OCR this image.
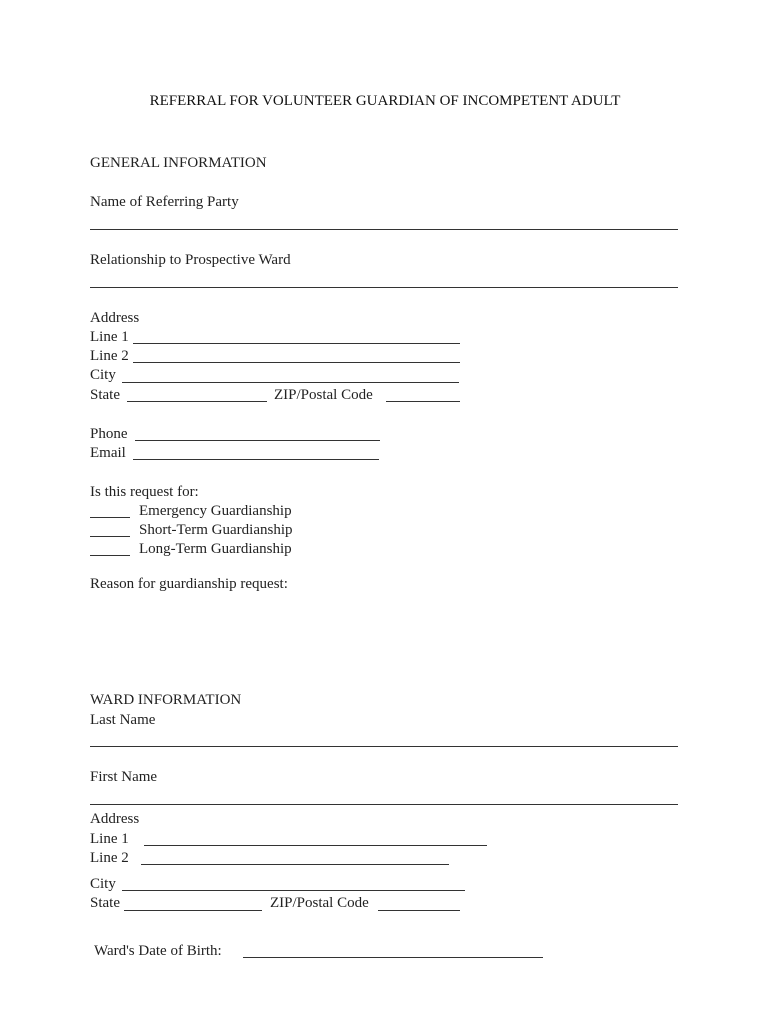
REFERRAL FOR VOLUNTEER GUARDIAN OF INCOMPETENT ADULT
GENERAL INFORMATION
Name of Referring Party
Relationship to Prospective Ward
Address
Line 1
Line 2
City
State	ZIP/Postal Code
Phone
Email
Is this request for:
Emergency Guardianship
Short-Term Guardianship
Long-Term Guardianship
Reason for guardianship request:
WARD INFORMATION
Last Name
First Name
Address
Line 1
Line 2
City
State	ZIP/Postal Code
Ward's Date of Birth:
